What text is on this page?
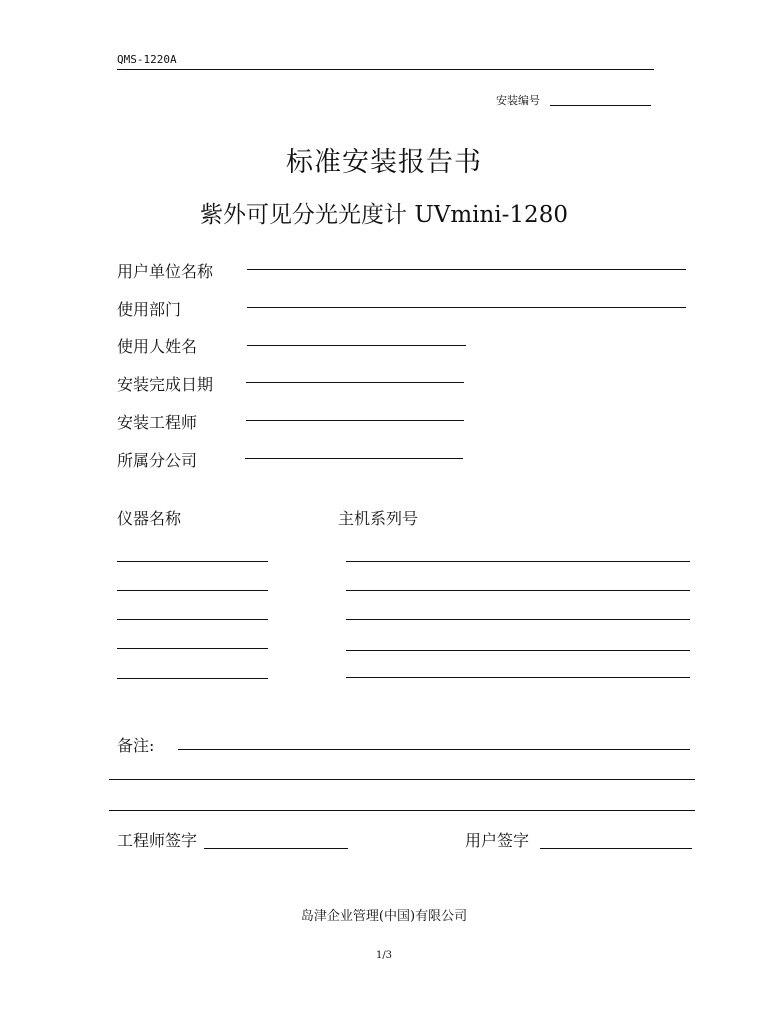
QMS-1220A
安装编号
标准安装报告书
紫外可见分光光度计 UVmini-1280
用户单位名称
使用部门
使用人姓名
安装完成日期
安装工程师
所属分公司
仪器名称	主机系列号
备注:
工程师签字	用户签字
岛津企业管理(中国)有限公司
1/3
